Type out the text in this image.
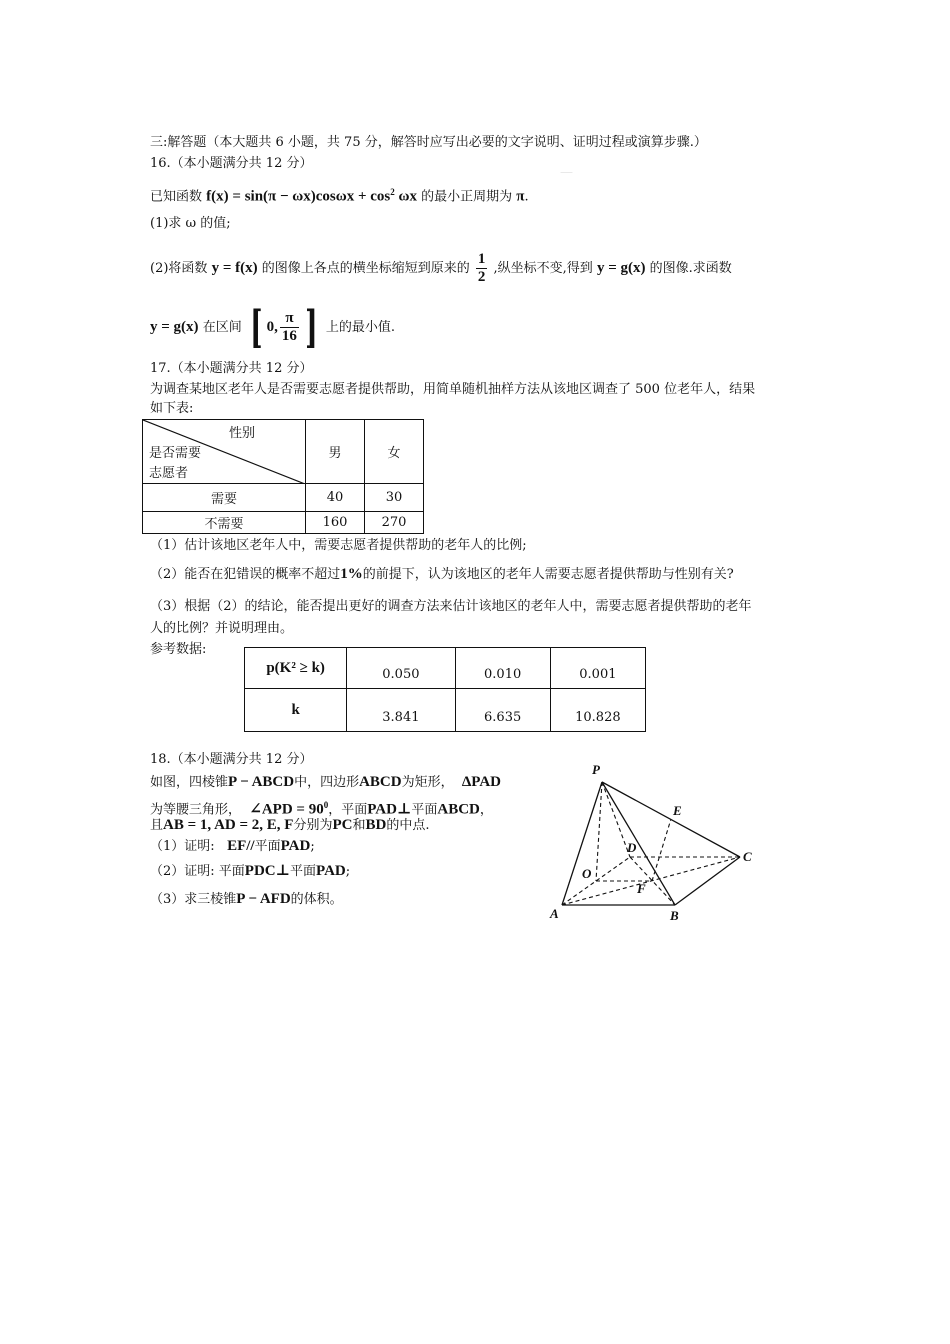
—
三:解答题（本大题共 6 小题，共 75 分，解答时应写出必要的文字说明、证明过程或演算步骤.）
16.（本小题满分共 12 分）
已知函数 $f(x) = \sin(\pi - \omega x)\cos\omega x + \cos^2 \omega x$ 的最小正周期为 π.
(1)求 ω 的值;
(2)将函数 y = f(x) 的图像上各点的横坐标缩短到原来的 $\frac{1}{2}$ ,纵坐标不变,得到 y = g(x) 的图像.求函数
y = g(x) 在区间 [ 0, $\frac{\pi}{16}$ ] 上的最小值.
17.（本小题满分共 12 分）
为调查某地区老年人是否需要志愿者提供帮助，用简单随机抽样方法从该地区调查了 500 位老年人，结果
如下表:
性别
是否需要
志愿者	男	女
需要	40	30
不需要	160	270
（1）估计该地区老年人中，需要志愿者提供帮助的老年人的比例;
（2）能否在犯错误的概率不超过1%的前提下，认为该地区的老年人需要志愿者提供帮助与性别有关?
（3）根据（2）的结论，能否提出更好的调查方法来估计该地区的老年人中，需要志愿者提供帮助的老年
人的比例？并说明理由。
参考数据:
p(K² ≥ k)	0.050	0.010	0.001
k	3.841	6.635	10.828
18.（本小题满分共 12 分）
如图，四棱锥P − ABCD中，四边形ABCD为矩形， ΔPAD
为等腰三角形， ∠APD = $90^0$，平面PAD⊥平面ABCD，
且AB = 1, AD = 2, E, F分别为PC和BD的中点.
（1）证明: EF//平面PAD;
（2）证明: 平面PDC⊥平面PAD;
（3）求三棱锥P − AFD的体积。
P
E
D
C
O
F
A	B
